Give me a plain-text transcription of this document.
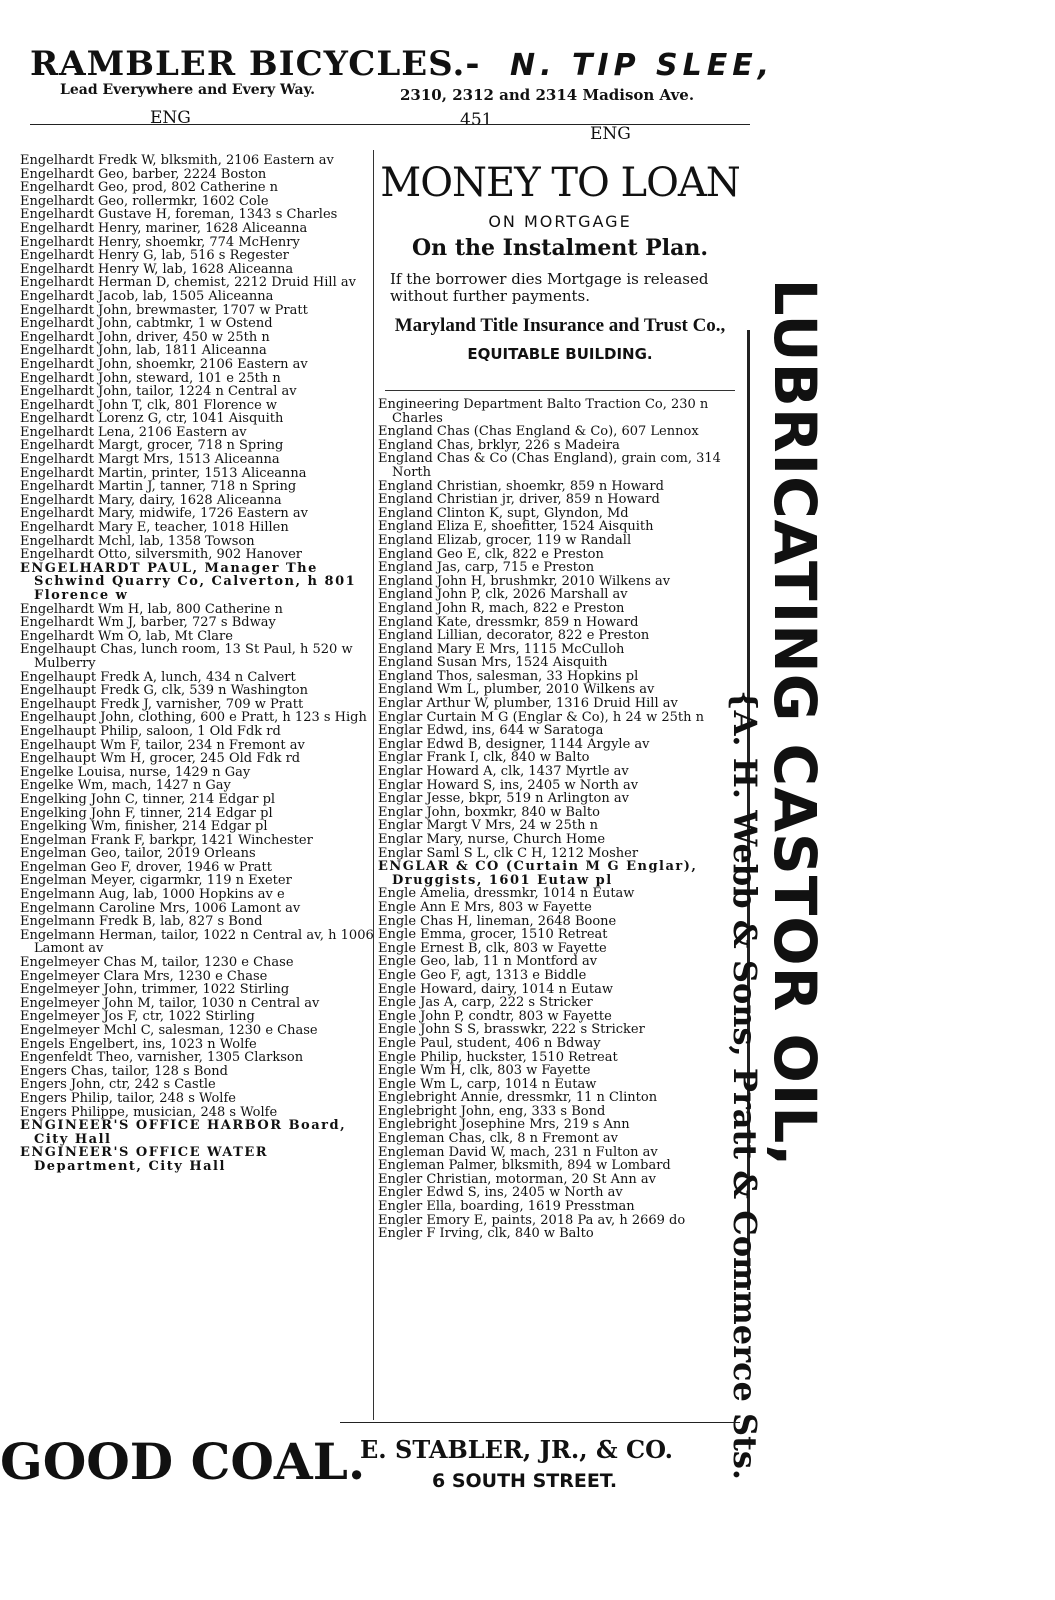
RAMBLER BICYCLES.-
Lead Everywhere and Every Way.
N. TIP SLEE,
2310, 2312 and 2314 Madison Ave.
ENG	451
ENG
Engelhardt Fredk W, blksmith, 2106 Eastern av
Engelhardt Geo, barber, 2224 Boston
Engelhardt Geo, prod, 802 Catherine n
Engelhardt Geo, rollermkr, 1602 Cole
Engelhardt Gustave H, foreman, 1343 s Charles
Engelhardt Henry, mariner, 1628 Aliceanna
Engelhardt Henry, shoemkr, 774 McHenry
Engelhardt Henry G, lab, 516 s Regester
Engelhardt Henry W, lab, 1628 Aliceanna
Engelhardt Herman D, chemist, 2212 Druid Hill av
Engelhardt Jacob, lab, 1505 Aliceanna
Engelhardt John, brewmaster, 1707 w Pratt
Engelhardt John, cabtmkr, 1 w Ostend
Engelhardt John, driver, 450 w 25th n
Engelhardt John, lab, 1811 Aliceanna
Engelhardt John, shoemkr, 2106 Eastern av
Engelhardt John, steward, 101 e 25th n
Engelhardt John, tailor, 1224 n Central av
Engelhardt John T, clk, 801 Florence w
Engelhardt Lorenz G, ctr, 1041 Aisquith
Engelhardt Lena, 2106 Eastern av
Engelhardt Margt, grocer, 718 n Spring
Engelhardt Margt Mrs, 1513 Aliceanna
Engelhardt Martin, printer, 1513 Aliceanna
Engelhardt Martin J, tanner, 718 n Spring
Engelhardt Mary, dairy, 1628 Aliceanna
Engelhardt Mary, midwife, 1726 Eastern av
Engelhardt Mary E, teacher, 1018 Hillen
Engelhardt Mchl, lab, 1358 Towson
Engelhardt Otto, silversmith, 902 Hanover
ENGELHARDT PAUL, Manager The Schwind Quarry Co, Calverton, h 801 Florence w
Engelhardt Wm H, lab, 800 Catherine n
Engelhardt Wm J, barber, 727 s Bdway
Engelhardt Wm O, lab, Mt Clare
Engelhaupt Chas, lunch room, 13 St Paul, h 520 w Mulberry
Engelhaupt Fredk A, lunch, 434 n Calvert
Engelhaupt Fredk G, clk, 539 n Washington
Engelhaupt Fredk J, varnisher, 709 w Pratt
Engelhaupt John, clothing, 600 e Pratt, h 123 s High
Engelhaupt Philip, saloon, 1 Old Fdk rd
Engelhaupt Wm F, tailor, 234 n Fremont av
Engelhaupt Wm H, grocer, 245 Old Fdk rd
Engelke Louisa, nurse, 1429 n Gay
Engelke Wm, mach, 1427 n Gay
Engelking John C, tinner, 214 Edgar pl
Engelking John F, tinner, 214 Edgar pl
Engelking Wm, finisher, 214 Edgar pl
Engelman Frank F, barkpr, 1421 Winchester
Engelman Geo, tailor, 2019 Orleans
Engelman Geo F, drover, 1946 w Pratt
Engelman Meyer, cigarmkr, 119 n Exeter
Engelmann Aug, lab, 1000 Hopkins av e
Engelmann Caroline Mrs, 1006 Lamont av
Engelmann Fredk B, lab, 827 s Bond
Engelmann Herman, tailor, 1022 n Central av, h 1006 Lamont av
Engelmeyer Chas M, tailor, 1230 e Chase
Engelmeyer Clara Mrs, 1230 e Chase
Engelmeyer John, trimmer, 1022 Stirling
Engelmeyer John M, tailor, 1030 n Central av
Engelmeyer Jos F, ctr, 1022 Stirling
Engelmeyer Mchl C, salesman, 1230 e Chase
Engels Engelbert, ins, 1023 n Wolfe
Engenfeldt Theo, varnisher, 1305 Clarkson
Engers Chas, tailor, 128 s Bond
Engers John, ctr, 242 s Castle
Engers Philip, tailor, 248 s Wolfe
Engers Philippe, musician, 248 s Wolfe
ENGINEER'S OFFICE HARBOR Board, City Hall
ENGINEER'S OFFICE WATER Department, City Hall
MONEY TO LOAN
ON MORTGAGE
On the Instalment Plan.
If the borrower dies Mortgage is released without further payments.
Maryland Title Insurance and Trust Co.,
EQUITABLE BUILDING.
Engineering Department Balto Traction Co, 230 n Charles
England Chas (Chas England & Co), 607 Lennox
England Chas, brklyr, 226 s Madeira
England Chas & Co (Chas England), grain com, 314 North
England Christian, shoemkr, 859 n Howard
England Christian jr, driver, 859 n Howard
England Clinton K, supt, Glyndon, Md
England Eliza E, shoefitter, 1524 Aisquith
England Elizab, grocer, 119 w Randall
England Geo E, clk, 822 e Preston
England Jas, carp, 715 e Preston
England John H, brushmkr, 2010 Wilkens av
England John P, clk, 2026 Marshall av
England John R, mach, 822 e Preston
England Kate, dressmkr, 859 n Howard
England Lillian, decorator, 822 e Preston
England Mary E Mrs, 1115 McCulloh
England Susan Mrs, 1524 Aisquith
England Thos, salesman, 33 Hopkins pl
England Wm L, plumber, 2010 Wilkens av
Englar Arthur W, plumber, 1316 Druid Hill av
Englar Curtain M G (Englar & Co), h 24 w 25th n
Englar Edwd, ins, 644 w Saratoga
Englar Edwd B, designer, 1144 Argyle av
Englar Frank I, clk, 840 w Balto
Englar Howard A, clk, 1437 Myrtle av
Englar Howard S, ins, 2405 w North av
Englar Jesse, bkpr, 519 n Arlington av
Englar John, boxmkr, 840 w Balto
Englar Margt V Mrs, 24 w 25th n
Englar Mary, nurse, Church Home
Englar Saml S L, clk C H, 1212 Mosher
ENGLAR & CO (Curtain M G Englar), Druggists, 1601 Eutaw pl
Engle Amelia, dressmkr, 1014 n Eutaw
Engle Ann E Mrs, 803 w Fayette
Engle Chas H, lineman, 2648 Boone
Engle Emma, grocer, 1510 Retreat
Engle Ernest B, clk, 803 w Fayette
Engle Geo, lab, 11 n Montford av
Engle Geo F, agt, 1313 e Biddle
Engle Howard, dairy, 1014 n Eutaw
Engle Jas A, carp, 222 s Stricker
Engle John P, condtr, 803 w Fayette
Engle John S S, brasswkr, 222 s Stricker
Engle Paul, student, 406 n Bdway
Engle Philip, huckster, 1510 Retreat
Engle Wm H, clk, 803 w Fayette
Engle Wm L, carp, 1014 n Eutaw
Englebright Annie, dressmkr, 11 n Clinton
Englebright John, eng, 333 s Bond
Englebright Josephine Mrs, 219 s Ann
Engleman Chas, clk, 8 n Fremont av
Engleman David W, mach, 231 n Fulton av
Engleman Palmer, blksmith, 894 w Lombard
Engler Christian, motorman, 20 St Ann av
Engler Edwd S, ins, 2405 w North av
Engler Ella, boarding, 1619 Presstman
Engler Emory E, paints, 2018 Pa av, h 2669 do
Engler F Irving, clk, 840 w Balto
LUBRICATING CASTOR OIL,
{A. H. Webb & Sons, Pratt & Commerce Sts.
GOOD COAL.
E. STABLER, JR., & CO.
6 SOUTH STREET.
